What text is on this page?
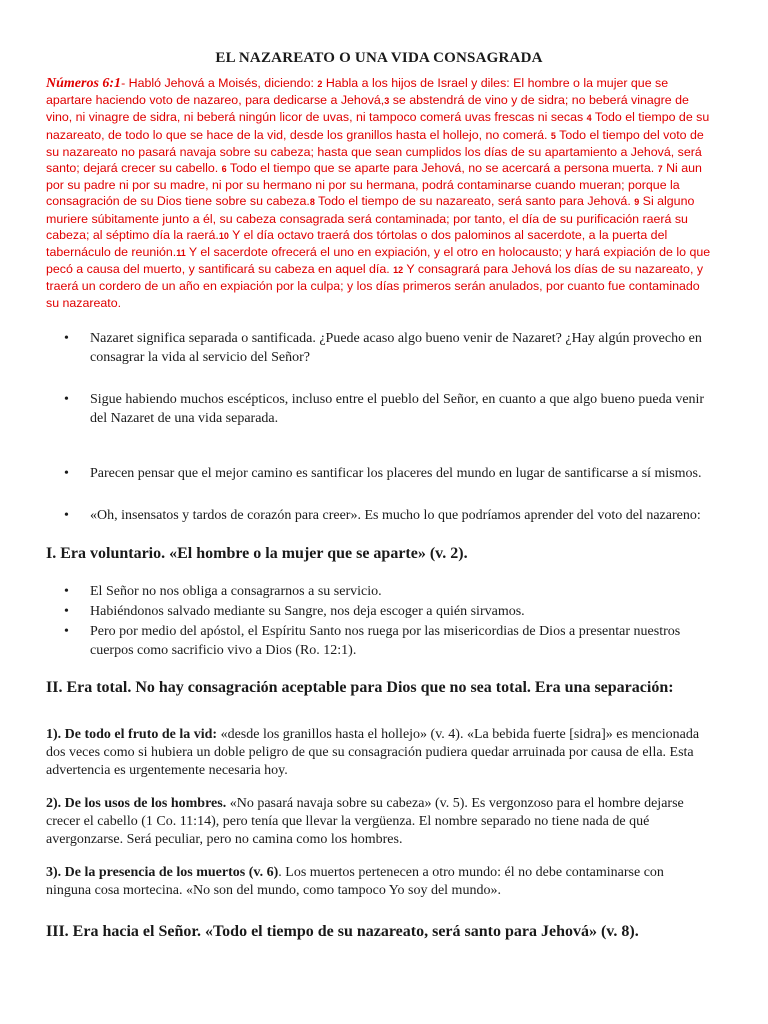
EL NAZAREATO O UNA VIDA CONSAGRADA

Números 6:1- Habló Jehová a Moisés, diciendo: 2 Habla a los hijos de Israel y diles: El hombre o la mujer que se apartare haciendo voto de nazareo, para dedicarse a Jehová,3 se abstendrá de vino y de sidra; no beberá vinagre de vino, ni vinagre de sidra, ni beberá ningún licor de uvas, ni tampoco comerá uvas frescas ni secas 4 Todo el tiempo de su nazareato, de todo lo que se hace de la vid, desde los granillos hasta el hollejo, no comerá. 5 Todo el tiempo del voto de su nazareato no pasará navaja sobre su cabeza; hasta que sean cumplidos los días de su apartamiento a Jehová, será santo; dejará crecer su cabello. 6 Todo el tiempo que se aparte para Jehová, no se acercará a persona muerta. 7 Ni aun por su padre ni por su madre, ni por su hermano ni por su hermana, podrá contaminarse cuando mueran; porque la consagración de su Dios tiene sobre su cabeza.8 Todo el tiempo de su nazareato, será santo para Jehová. 9 Si alguno muriere súbitamente junto a él, su cabeza consagrada será contaminada; por tanto, el día de su purificación raerá su cabeza; al séptimo día la raerá.10 Y el día octavo traerá dos tórtolas o dos palominos al sacerdote, a la puerta del tabernáculo de reunión.11 Y el sacerdote ofrecerá el uno en expiación, y el otro en holocausto; y hará expiación de lo que pecó a causa del muerto, y santificará su cabeza en aquel día. 12 Y consagrará para Jehová los días de su nazareato, y traerá un cordero de un año en expiación por la culpa; y los días primeros serán anulados, por cuanto fue contaminado su nazareato.

• Nazaret significa separada o santificada. ¿Puede acaso algo bueno venir de Nazaret? ¿Hay algún provecho en consagrar la vida al servicio del Señor?
• Sigue habiendo muchos escépticos, incluso entre el pueblo del Señor, en cuanto a que algo bueno pueda venir del Nazaret de una vida separada.
• Parecen pensar que el mejor camino es santificar los placeres del mundo en lugar de santificarse a sí mismos.
• «Oh, insensatos y tardos de corazón para creer». Es mucho lo que podríamos aprender del voto del nazareno:

I. Era voluntario. «El hombre o la mujer que se aparte» (v. 2).

• El Señor no nos obliga a consagrarnos a su servicio.
• Habiéndonos salvado mediante su Sangre, nos deja escoger a quién sirvamos.
• Pero por medio del apóstol, el Espíritu Santo nos ruega por las misericordias de Dios a presentar nuestros cuerpos como sacrificio vivo a Dios (Ro. 12:1).

II. Era total. No hay consagración aceptable para Dios que no sea total. Era una separación:

1). De todo el fruto de la vid: «desde los granillos hasta el hollejo» (v. 4). «La bebida fuerte [sidra]» es mencionada dos veces como si hubiera un doble peligro de que su consagración pudiera quedar arruinada por causa de ella. Esta advertencia es urgentemente necesaria hoy.

2). De los usos de los hombres. «No pasará navaja sobre su cabeza» (v. 5). Es vergonzoso para el hombre dejarse crecer el cabello (1 Co. 11:14), pero tenía que llevar la vergüenza. El nombre separado no tiene nada de qué avergonzarse. Será peculiar, pero no camina como los hombres.

3). De la presencia de los muertos (v. 6). Los muertos pertenecen a otro mundo: él no debe contaminarse con ninguna cosa mortecina. «No son del mundo, como tampoco Yo soy del mundo».

III. Era hacia el Señor. «Todo el tiempo de su nazareato, será santo para Jehová» (v. 8).
